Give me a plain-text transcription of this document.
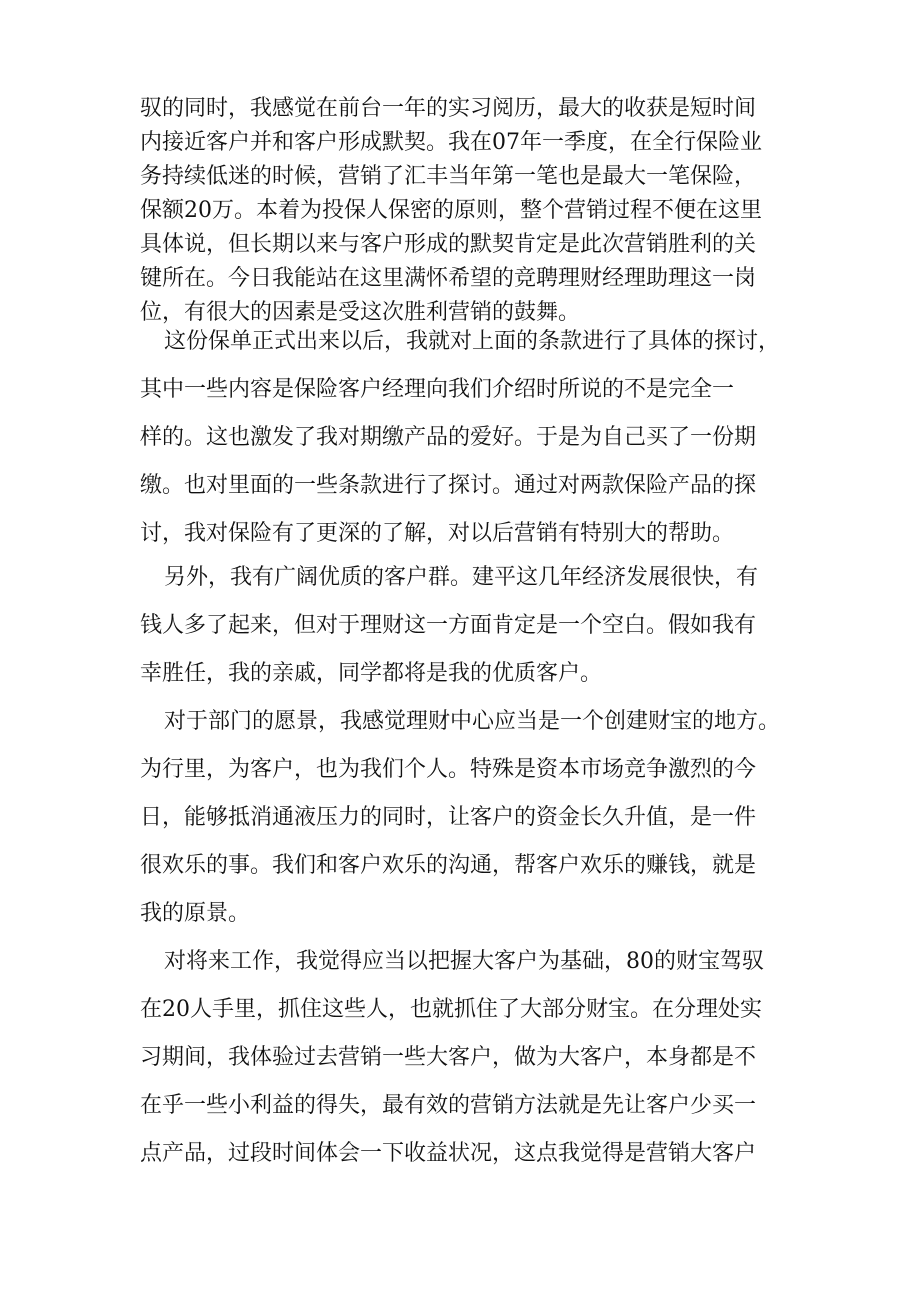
驭的同时，我感觉在前台一年的实习阅历，最大的收获是短时间
内接近客户并和客户形成默契。我在07年一季度，在全行保险业
务持续低迷的时候，营销了汇丰当年第一笔也是最大一笔保险，
保额20万。本着为投保人保密的原则，整个营销过程不便在这里
具体说，但长期以来与客户形成的默契肯定是此次营销胜利的关
键所在。今日我能站在这里满怀希望的竞聘理财经理助理这一岗
位，有很大的因素是受这次胜利营销的鼓舞。
这份保单正式出来以后，我就对上面的条款进行了具体的探讨，
其中一些内容是保险客户经理向我们介绍时所说的不是完全一
样的。这也激发了我对期缴产品的爱好。于是为自己买了一份期
缴。也对里面的一些条款进行了探讨。通过对两款保险产品的探
讨，我对保险有了更深的了解，对以后营销有特别大的帮助。
另外，我有广阔优质的客户群。建平这几年经济发展很快，有
钱人多了起来，但对于理财这一方面肯定是一个空白。假如我有
幸胜任，我的亲戚，同学都将是我的优质客户。
对于部门的愿景，我感觉理财中心应当是一个创建财宝的地方。
为行里，为客户，也为我们个人。特殊是资本市场竞争激烈的今
日，能够抵消通液压力的同时，让客户的资金长久升值，是一件
很欢乐的事。我们和客户欢乐的沟通，帮客户欢乐的赚钱，就是
我的原景。
对将来工作，我觉得应当以把握大客户为基础，80的财宝驾驭
在20人手里，抓住这些人，也就抓住了大部分财宝。在分理处实
习期间，我体验过去营销一些大客户，做为大客户，本身都是不
在乎一些小利益的得失，最有效的营销方法就是先让客户少买一
点产品，过段时间体会一下收益状况，这点我觉得是营销大客户
